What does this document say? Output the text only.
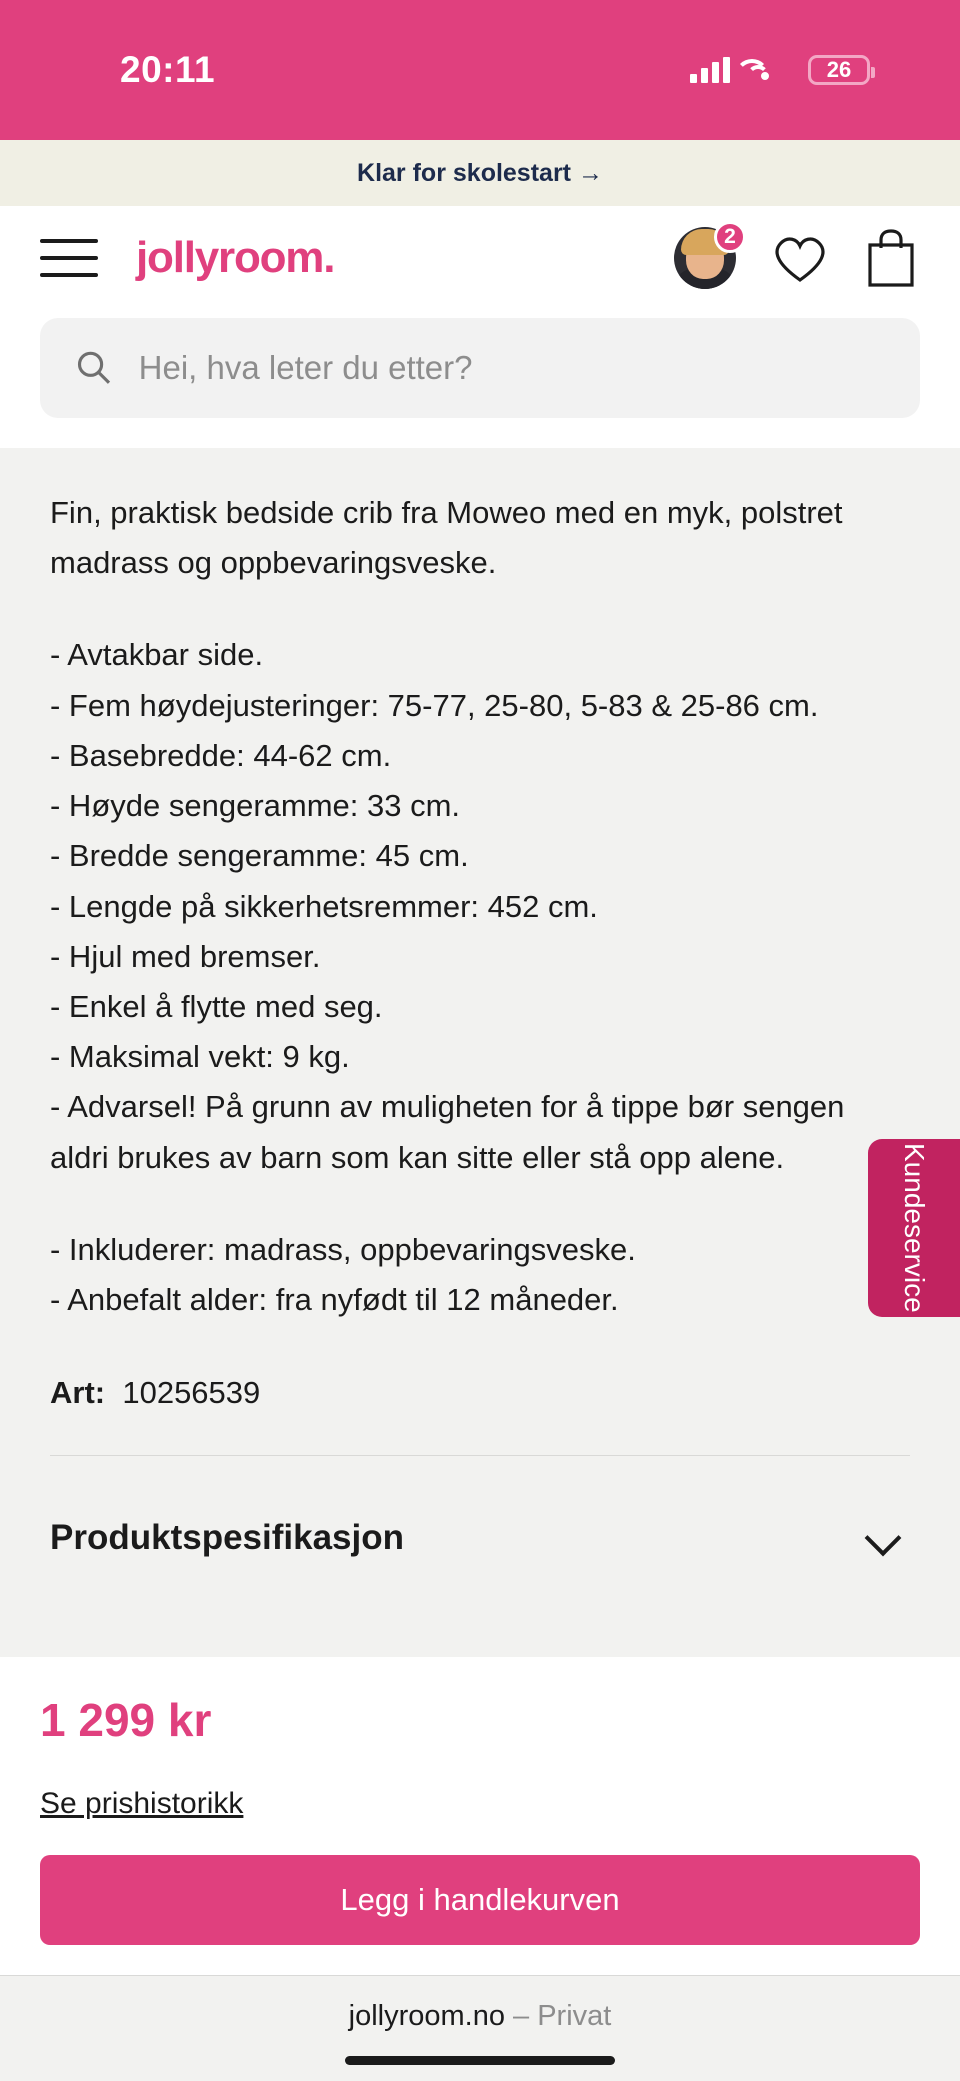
20:11	26
Klar for skolestart →
jollyroom.	2
Hei, hva leter du etter?

Fin, praktisk bedside crib fra Moweo med en myk, polstret madrass og oppbevaringsveske.

- Avtakbar side.

- Fem høydejusteringer: 75-77, 25-80, 5-83 & 25-86 cm.

- Basebredde: 44-62 cm.

- Høyde sengeramme: 33 cm.

- Bredde sengeramme: 45 cm.

- Lengde på sikkerhetsremmer: 452 cm.

- Hjul med bremser.

- Enkel å flytte med seg.

- Maksimal vekt: 9 kg.

- Advarsel! På grunn av muligheten for å tippe bør sengen aldri brukes av barn som kan sitte eller stå opp alene.

- Inkluderer: madrass, oppbevaringsveske.

- Anbefalt alder: fra nyfødt til 12 måneder.

Art: 10256539
Produktspesifikasjon
Kundeservice
1 299 kr
Se prishistorikk Legg i handlekurven
jollyroom.no – Privat
